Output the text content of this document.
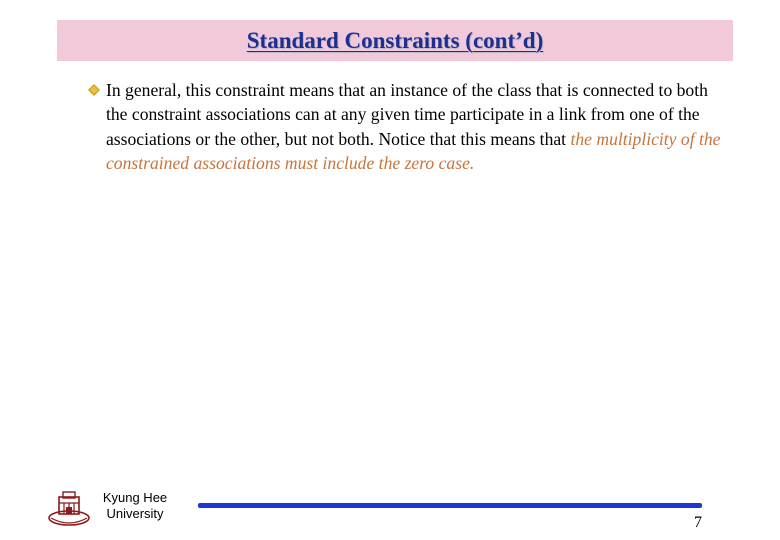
Standard Constraints (cont’d)
In general, this constraint means that an instance of the class that is connected to both the constraint associations can at any given time participate in a link from one of the associations or the other, but not both. Notice that this means that the multiplicity of the constrained associations must include the zero case.
Kyung Hee
University
7
